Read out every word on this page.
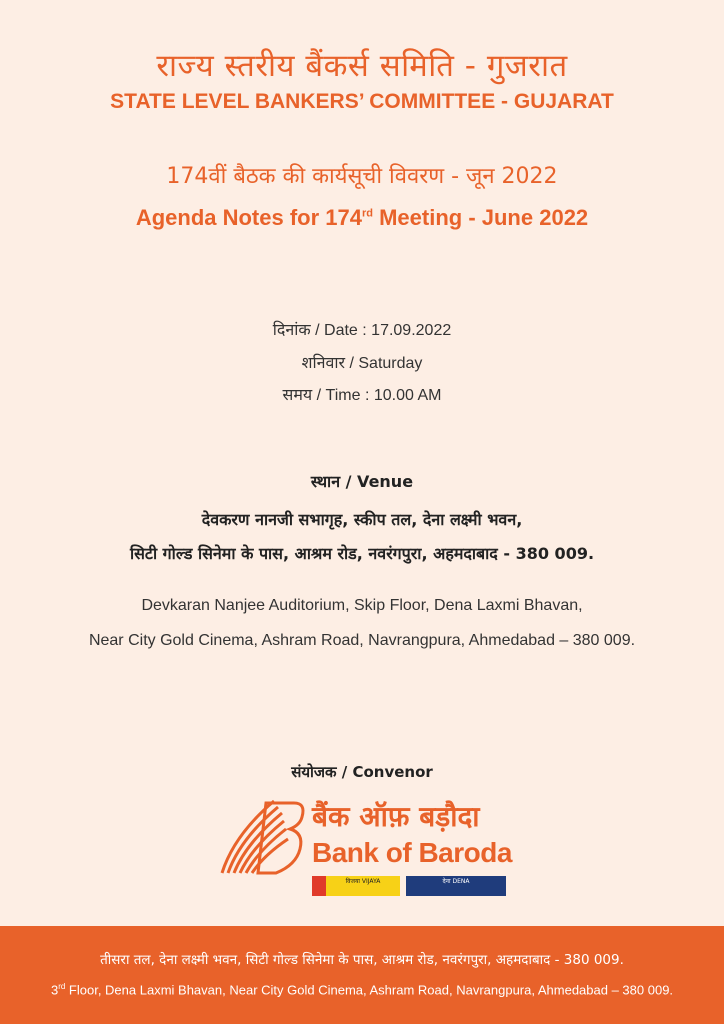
राज्य स्तरीय बैंकर्स समिति - गुजरात
STATE LEVEL BANKERS’ COMMITTEE - GUJARAT
174वीं बैठक की कार्यसूची विवरण - जून 2022
Agenda Notes for 174rd Meeting - June 2022
दिनांक / Date : 17.09.2022
शनिवार / Saturday
समय / Time : 10.00 AM
स्थान / Venue
देवकरण नानजी सभागृह, स्कीप तल, देना लक्ष्मी भवन,
सिटी गोल्ड सिनेमा के पास, आश्रम रोड, नवरंगपुरा, अहमदाबाद - 380 009.
Devkaran Nanjee Auditorium, Skip Floor, Dena Laxmi Bhavan,
Near City Gold Cinema, Ashram Road, Navrangpura, Ahmedabad – 380 009.
संयोजक / Convenor
बैंक ऑफ़ बड़ौदा
Bank of Baroda
विजया VIJAYA	देना DENA
तीसरा तल, देना लक्ष्मी भवन, सिटी गोल्ड सिनेमा के पास, आश्रम रोड, नवरंगपुरा, अहमदाबाद - 380 009.
3rd Floor, Dena Laxmi Bhavan, Near City Gold Cinema, Ashram Road, Navrangpura, Ahmedabad – 380 009.
